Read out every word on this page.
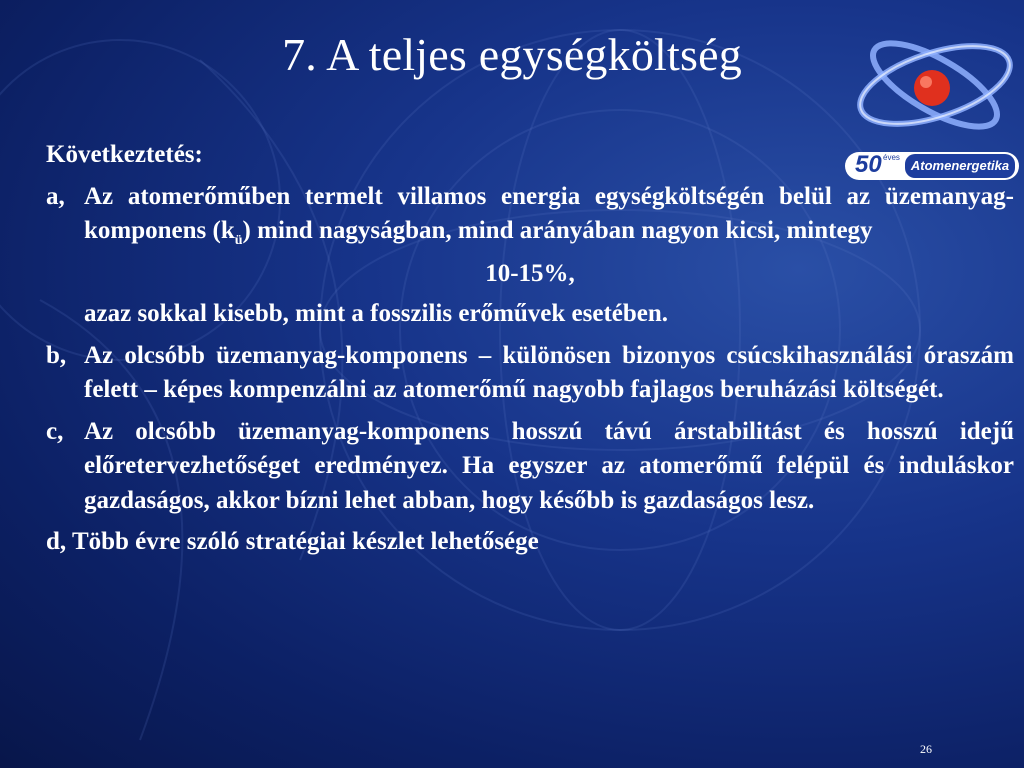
7. A teljes egységköltség
50 éves
Atomenergetika
Következtetés:
a, Az atomerőműben termelt villamos energia egységköltségén belül az üzemanyag-komponens $(k_ü)$ mind nagyságban, mind arányában nagyon kicsi, mintegy
10-15%,
azaz sokkal kisebb, mint a fosszilis erőművek esetében.
b, Az olcsóbb üzemanyag-komponens – különösen bizonyos csúcskihasználási óraszám felett – képes kompenzálni az atomerőmű nagyobb fajlagos beruházási költségét.
c, Az olcsóbb üzemanyag-komponens hosszú távú árstabilitást és hosszú idejű előretervezhetőséget eredményez. Ha egyszer az atomerőmű felépül és induláskor gazdaságos, akkor bízni lehet abban, hogy később is gazdaságos lesz.
d, Több évre szóló stratégiai készlet lehetősége
26
